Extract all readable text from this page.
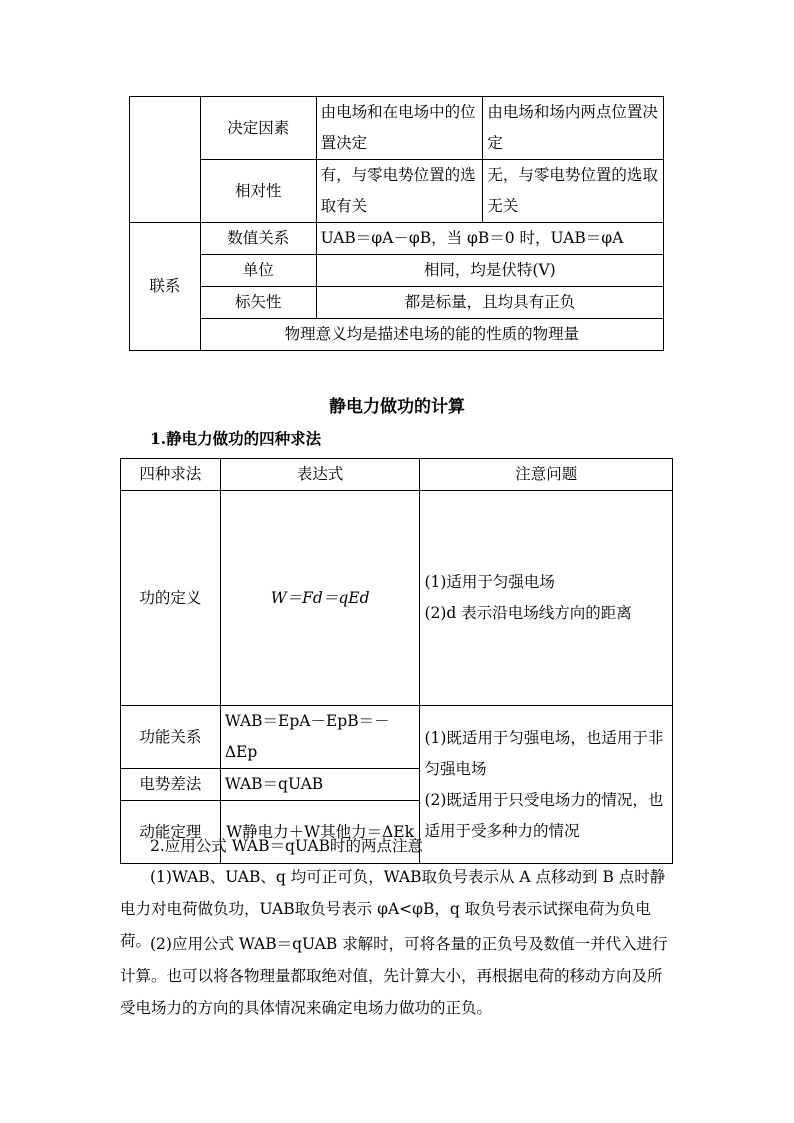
	决定因素	由电场和在电场中的位置决定	由电场和场内两点位置决定
	相对性	有，与零电势位置的选取有关	无，与零电势位置的选取无关
联系	数值关系	UAB＝φA－φB，当 φB＝0 时，UAB＝φA	
	单位	相同，均是伏特(V)	
	标矢性	都是标量，且均具有正负	
	物理意义均是描述电场的能的性质的物理量		
静电力做功的计算
1.静电力做功的四种求法
四种求法	表达式	注意问题
功的定义	W＝Fd＝qEd	(1)适用于匀强电场
(2)d 表示沿电场线方向的距离

功能关系	WAB＝EpA－EpB＝－ΔEp	(1)既适用于匀强电场，也适用于非匀强电场
(2)既适用于只受电场力的情况，也适用于受多种力的情况

电势差法	WAB＝qUAB	
动能定理	W静电力＋W其他力＝ΔEk	
2.应用公式 WAB＝qUAB时的两点注意
(1)WAB、UAB、q 均可正可负，WAB取负号表示从 A 点移动到 B 点时静电力对电荷做负功，UAB取负号表示 φA<φB，q 取负号表示试探电荷为负电荷。
(2)应用公式 WAB＝qUAB 求解时，可将各量的正负号及数值一并代入进行计算。也可以将各物理量都取绝对值，先计算大小，再根据电荷的移动方向及所受电场力的方向的具体情况来确定电场力做功的正负。
